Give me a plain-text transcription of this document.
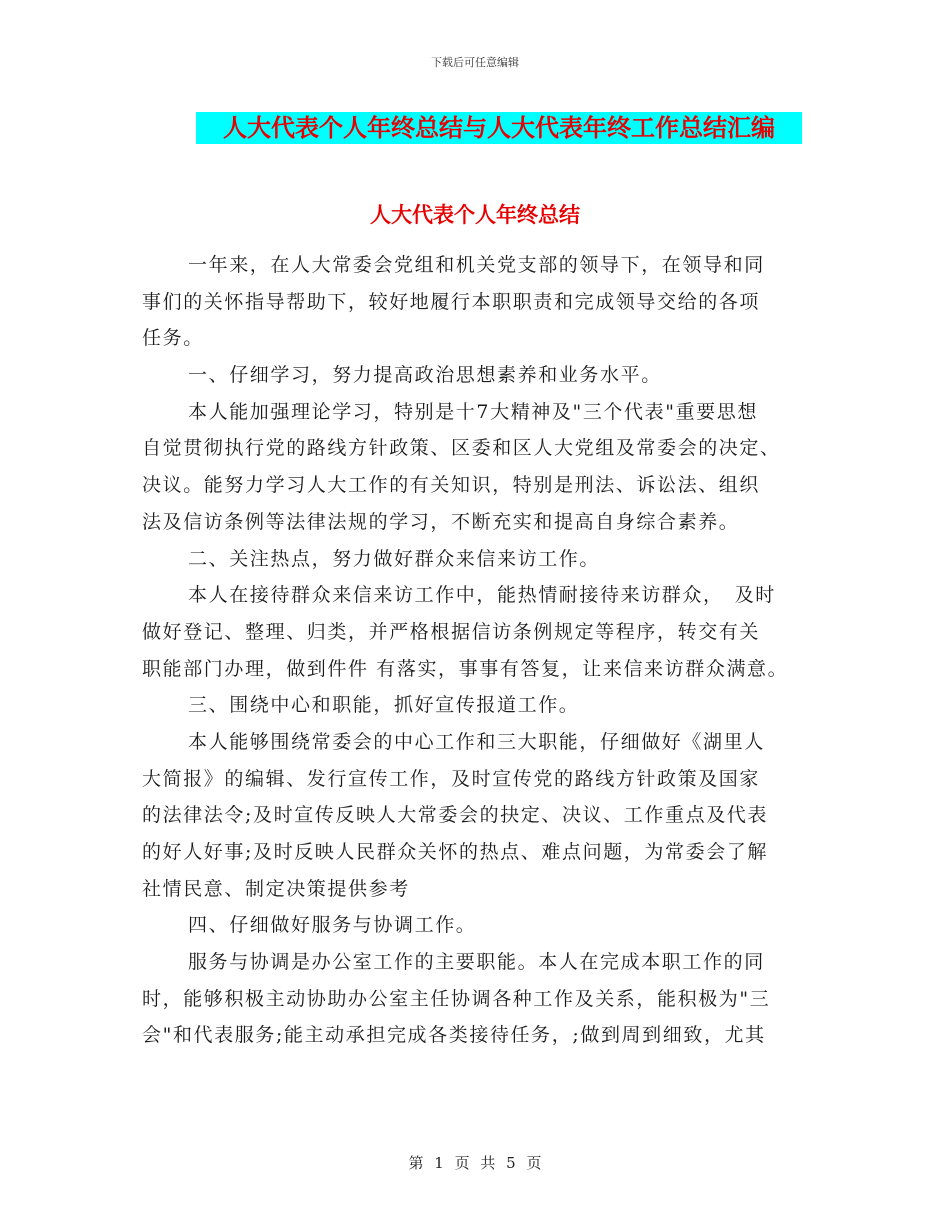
下载后可任意编辑
人大代表个人年终总结与人大代表年终工作总结汇编
人大代表个人年终总结
一年来，在人大常委会党组和机关党支部的领导下，在领导和同
事们的关怀指导帮助下，较好地履行本职职责和完成领导交给的各项
任务。
一、仔细学习，努力提高政治思想素养和业务水平。
本人能加强理论学习，特别是十7大精神及"三个代表"重要思想
自觉贯彻执行党的路线方针政策、区委和区人大党组及常委会的决定、
决议。能努力学习人大工作的有关知识，特别是刑法、诉讼法、组织
法及信访条例等法律法规的学习，不断充实和提高自身综合素养。
二、关注热点，努力做好群众来信来访工作。
本人在接待群众来信来访工作中，能热情耐接待来访群众，　及时
做好登记、整理、归类，并严格根据信访条例规定等程序，转交有关
职能部门办理，做到件件 有落实，事事有答复，让来信来访群众满意。
三、围绕中心和职能，抓好宣传报道工作。
本人能够围绕常委会的中心工作和三大职能，仔细做好《湖里人
大简报》的编辑、发行宣传工作，及时宣传党的路线方针政策及国家
的法律法令;及时宣传反映人大常委会的抉定、决议、工作重点及代表
的好人好事;及时反映人民群众关怀的热点、难点问题，为常委会了解
社情民意、制定决策提供参考
四、仔细做好服务与协调工作。
服务与协调是办公室工作的主要职能。本人在完成本职工作的同
时，能够积极主动协助办公室主任协调各种工作及关系，能积极为"三
会"和代表服务;能主动承担完成各类接待任务，;做到周到细致，尤其
第 1 页 共 5 页
